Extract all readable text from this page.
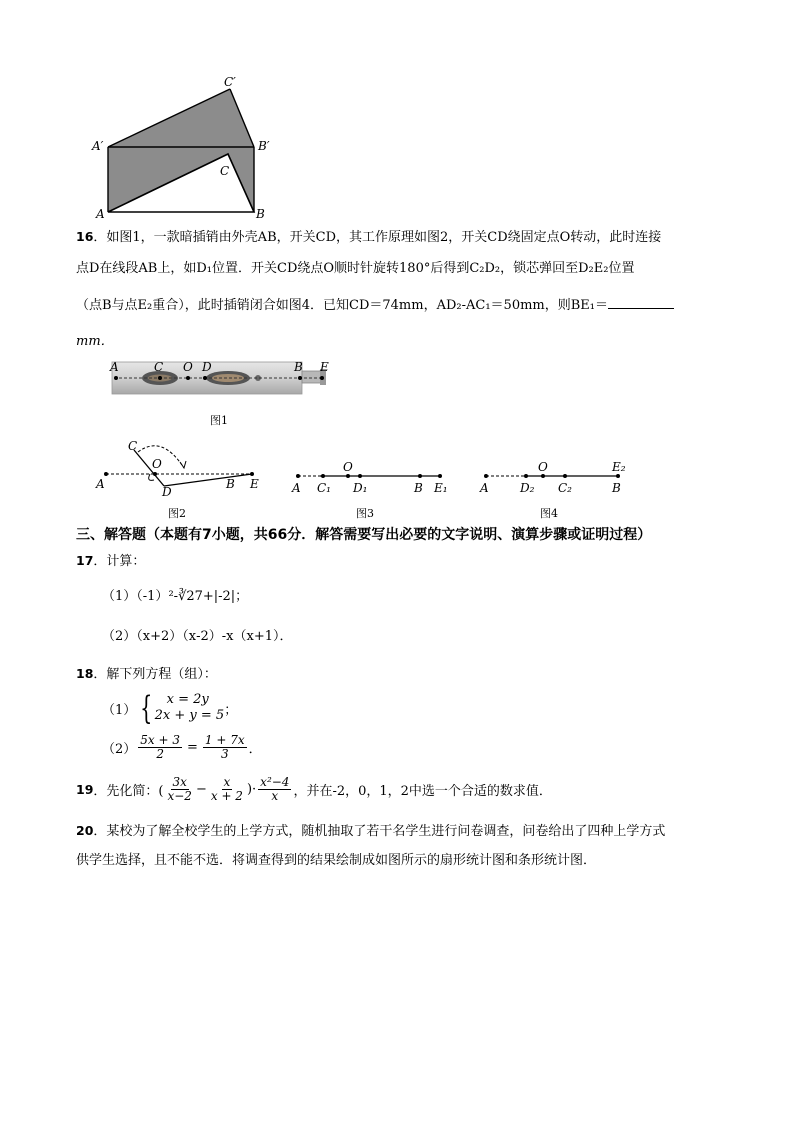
C′
A′	B′
C
A	B
16．如图1，一款暗插销由外壳AB，开关CD，其工作原理如图2，开关CD绕固定点O转动，此时连接
点D在线段AB上，如D₁位置．开关CD绕点O顺时针旋转180°后得到C₂D₂，锁芯弹回至D₂E₂位置
（点B与点E₂重合），此时插销闭合如图4．已知CD＝74mm，AD₂‑AC₁＝50mm，则BE₁＝
mm．
A	C O D	B E
图1
C
O
A
D
B E
图2
O
A C₁ D₁	B E₁
图3
O	E₂
A	D₂ C₂	B
图4
三、解答题（本题有7小题，共66分．解答需要写出必要的文字说明、演算步骤或证明过程）
17．计算：
（1）（‑1）²‑∛27+|‑2|；
（2）（x+2）（x‑2）‑x（x+1）．
18．解下列方程（组）：
（1） {	x = 2y
2x + y = 5 ；
$(2) \frac{5x + 3}{2} = \frac{1 + 7x}{3}$ ．
19 ．先化简：( $\frac{3x}{x-2} - \frac{x}{x + 2}$ )· $\frac{\text{x²−4}}{x}$ ，并在‑2，0，1，2中选一个合适的数求值．
20．某校为了解全校学生的上学方式，随机抽取了若干名学生进行问卷调查，问卷给出了四种上学方式
供学生选择，且不能不选．将调查得到的结果绘制成如图所示的扇形统计图和条形统计图．
